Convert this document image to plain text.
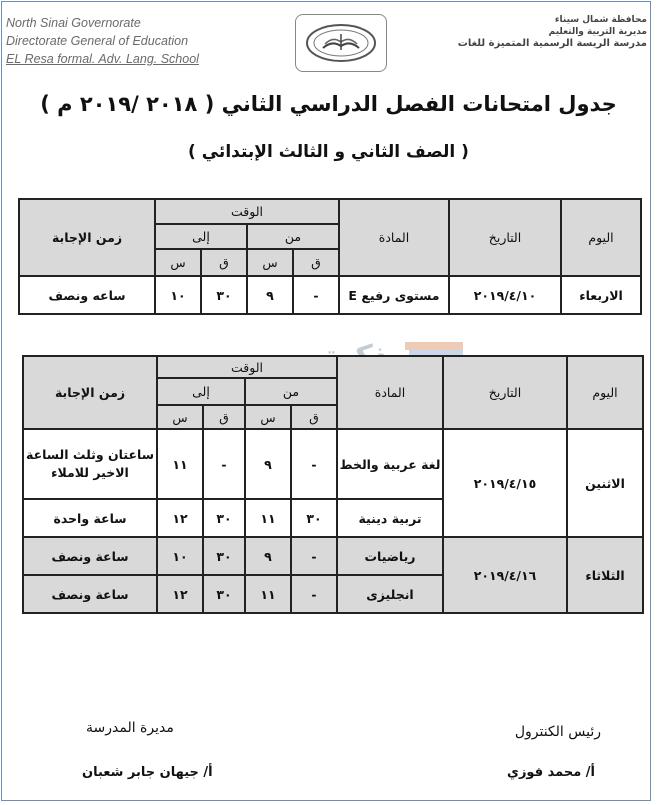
North Sinai Governorate
Directorate General of Education
EL Resa formal. Adv. Lang. School
محافظة شمال سيناء
مديرية التربية والتعليم
مدرسة الريسة الرسمية المتميزة للغات
جدول امتحانات الفصل الدراسي الثاني ( ٢٠١٨ /٢٠١٩ م )
( الصف الثاني و الثالث الإبتدائي )
اليوم	التاريخ	المادة	الوقت				زمن الإجابة
			من		إلى		
			ق	س	ق	س	
الاربعاء	٢٠١٩/٤/١٠	مستوى رفيع E	-	٩	٣٠	١٠	ساعه ونصف
اليوم	التاريخ	المادة	الوقت				زمن الإجابة
			من		إلى		
			ق	س	ق	س	
الاثنين	٢٠١٩/٤/١٥	لغة عربية والخط	-	٩	-	١١	ساعتان وثلث الساعة الاخير للاملاء
		تربية دينية	٣٠	١١	٣٠	١٢	ساعة واحدة
الثلاثاء	٢٠١٩/٤/١٦	رياضيات	-	٩	٣٠	١٠	ساعة ونصف
		انجليزى	-	١١	٣٠	١٢	ساعة ونصف
رئيس الكنترول
أ/ محمد فوزي
مديرة المدرسة
أ/ جيهان جابر شعبان
